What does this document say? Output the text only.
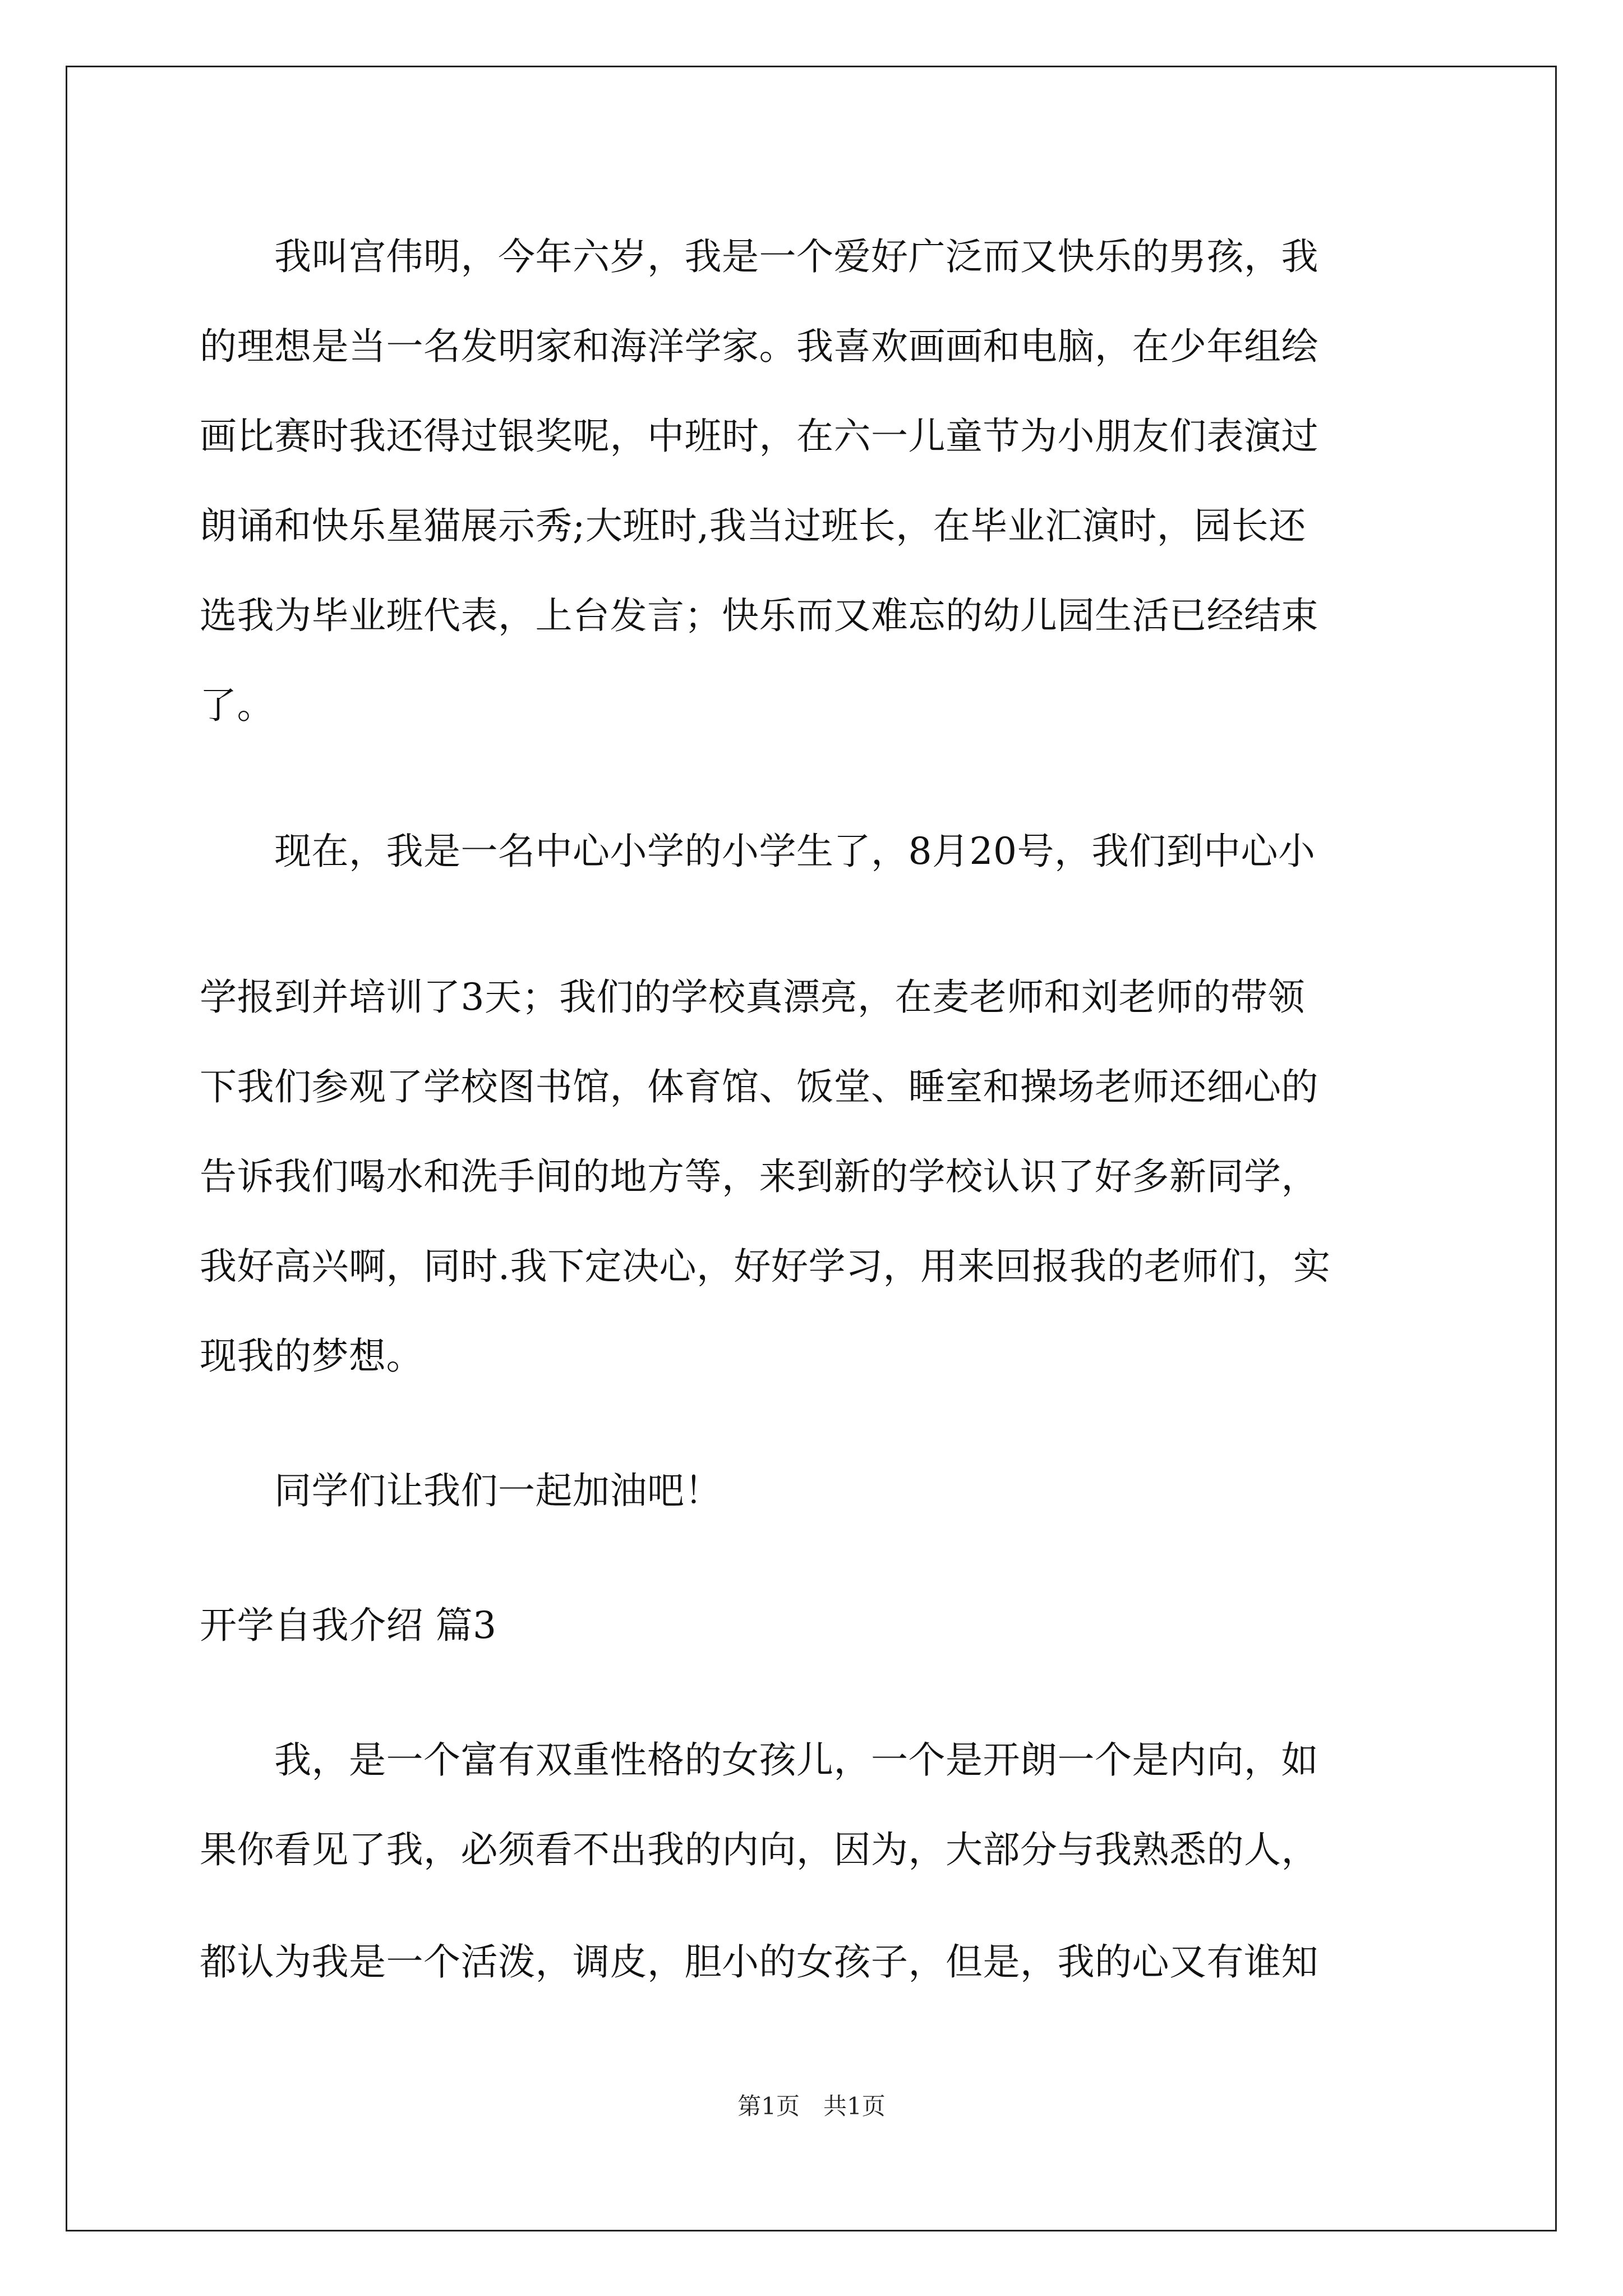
　　我叫宫伟明，今年六岁，我是一个爱好广泛而又快乐的男孩，我

的理想是当一名发明家和海洋学家。我喜欢画画和电脑，在少年组绘

画比赛时我还得过银奖呢，中班时，在六一儿童节为小朋友们表演过

朗诵和快乐星猫展示秀;大班时,我当过班长，在毕业汇演时，园长还

选我为毕业班代表，上台发言；快乐而又难忘的幼儿园生活已经结束

了。

　　现在，我是一名中心小学的小学生了，8月20号，我们到中心小

学报到并培训了3天；我们的学校真漂亮，在麦老师和刘老师的带领

下我们参观了学校图书馆，体育馆、饭堂、睡室和操场老师还细心的

告诉我们喝水和洗手间的地方等，来到新的学校认识了好多新同学，

我好高兴啊，同时.我下定决心，好好学习，用来回报我的老师们，实

现我的梦想。

　　同学们让我们一起加油吧！

开学自我介绍 篇3

　　我，是一个富有双重性格的女孩儿，一个是开朗一个是内向，如

果你看见了我，必须看不出我的内向，因为，大部分与我熟悉的人，

都认为我是一个活泼，调皮，胆小的女孩子，但是，我的心又有谁知

第1页　共1页
